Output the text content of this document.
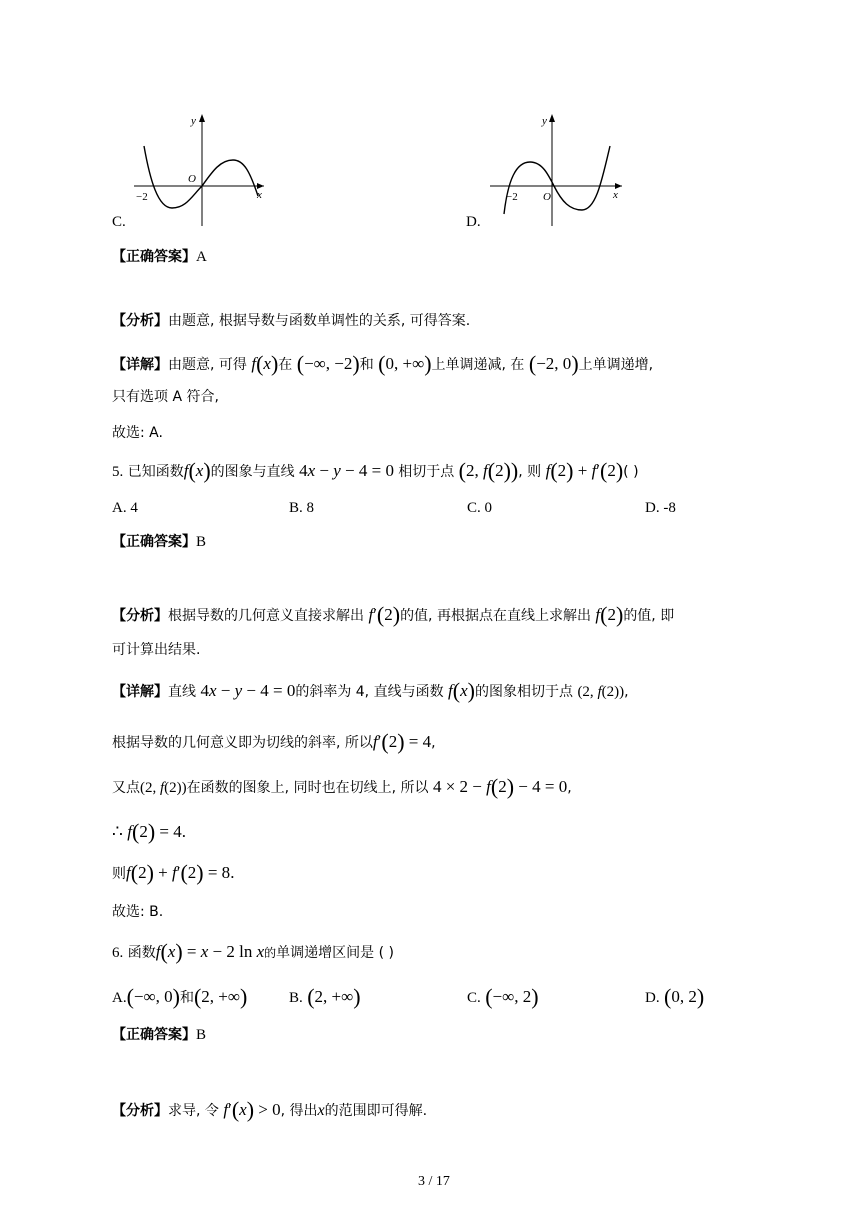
y
x
O
−2
C.
y
x
O
−2
D.
【正确答案】A
【分析】由题意, 根据导数与函数单调性的关系, 可得答案.
【详解】由题意, 可得 f(x)在 (−∞, −2)和 (0, +∞)上单调递减, 在 (−2, 0)上单调递增,
只有选项 A 符合,
故选: A.
5. 已知函数f(x)的图象与直线 4x − y − 4 = 0 相切于点 (2, f(2)), 则 f(2) + f′(2)( )
A. 4	B. 8	C. 0	D. -8
【正确答案】B
【分析】根据导数的几何意义直接求解出 f′(2)的值, 再根据点在直线上求解出 f(2)的值, 即
可计算出结果.
【详解】直线 4x − y − 4 = 0的斜率为 4, 直线与函数 f(x)的图象相切于点 (2, f(2)),
根据导数的几何意义即为切线的斜率, 所以f′(2) = 4,
又点(2, f(2))在函数的图象上, 同时也在切线上, 所以 4 × 2 − f(2) − 4 = 0,
∴ f(2) = 4.
则f(2) + f′(2) = 8.
故选: B.
6. 函数f(x) = x − 2 ln x的单调递增区间是 ( )
A.(−∞, 0)和(2, +∞)	B. (2, +∞)	C. (−∞, 2)	D. (0, 2)
【正确答案】B
【分析】求导, 令 f′(x) > 0, 得出x的范围即可得解.
3 / 17
